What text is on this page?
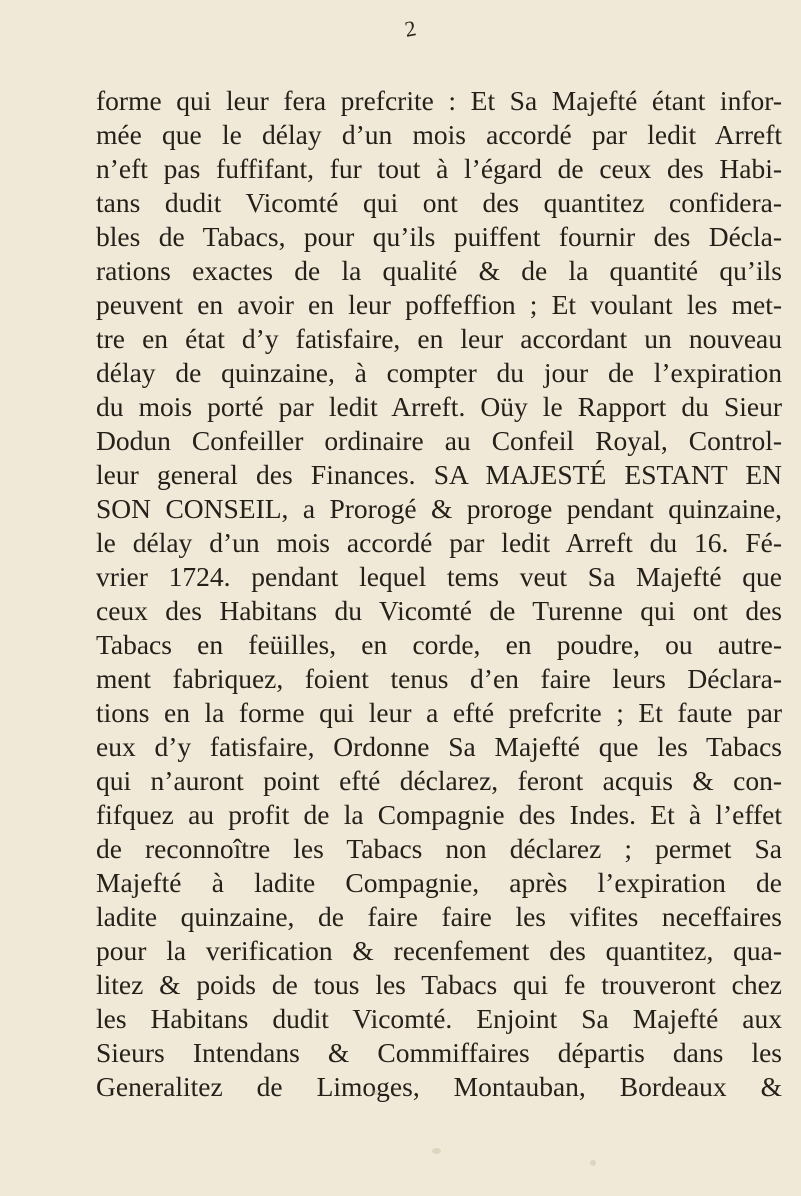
2
forme qui leur fera prefcrite : Et Sa Majefté étant infor-
mée que le délay d’un mois accordé par ledit Arreft
n’eft pas fuffifant, fur tout à l’égard de ceux des Habi-
tans dudit Vicomté qui ont des quantitez confidera-
bles de Tabacs, pour qu’ils puiffent fournir des Décla-
rations exactes de la qualité & de la quantité qu’ils
peuvent en avoir en leur poffeffion ; Et voulant les met-
tre en état d’y fatisfaire, en leur accordant un nouveau
délay de quinzaine, à compter du jour de l’expiration
du mois porté par ledit Arreft. Oüy le Rapport du Sieur
Dodun Confeiller ordinaire au Confeil Royal, Control-
leur general des Finances. SA MAJESTÉ ESTANT EN
SON CONSEIL, a Prorogé & proroge pendant quinzaine,
le délay d’un mois accordé par ledit Arreft du 16. Fé-
vrier 1724. pendant lequel tems veut Sa Majefté que
ceux des Habitans du Vicomté de Turenne qui ont des
Tabacs en feüilles, en corde, en poudre, ou autre-
ment fabriquez, foient tenus d’en faire leurs Déclara-
tions en la forme qui leur a efté prefcrite ; Et faute par
eux d’y fatisfaire, Ordonne Sa Majefté que les Tabacs
qui n’auront point efté déclarez, feront acquis & con-
fifquez au profit de la Compagnie des Indes. Et à l’effet
de reconnoître les Tabacs non déclarez ; permet Sa
Majefté à ladite Compagnie, après l’expiration de
ladite quinzaine, de faire faire les vifites neceffaires
pour la verification & recenfement des quantitez, qua-
litez & poids de tous les Tabacs qui fe trouveront chez
les Habitans dudit Vicomté. Enjoint Sa Majefté aux
Sieurs Intendans & Commiffaires départis dans les
Generalitez de Limoges, Montauban, Bordeaux &
